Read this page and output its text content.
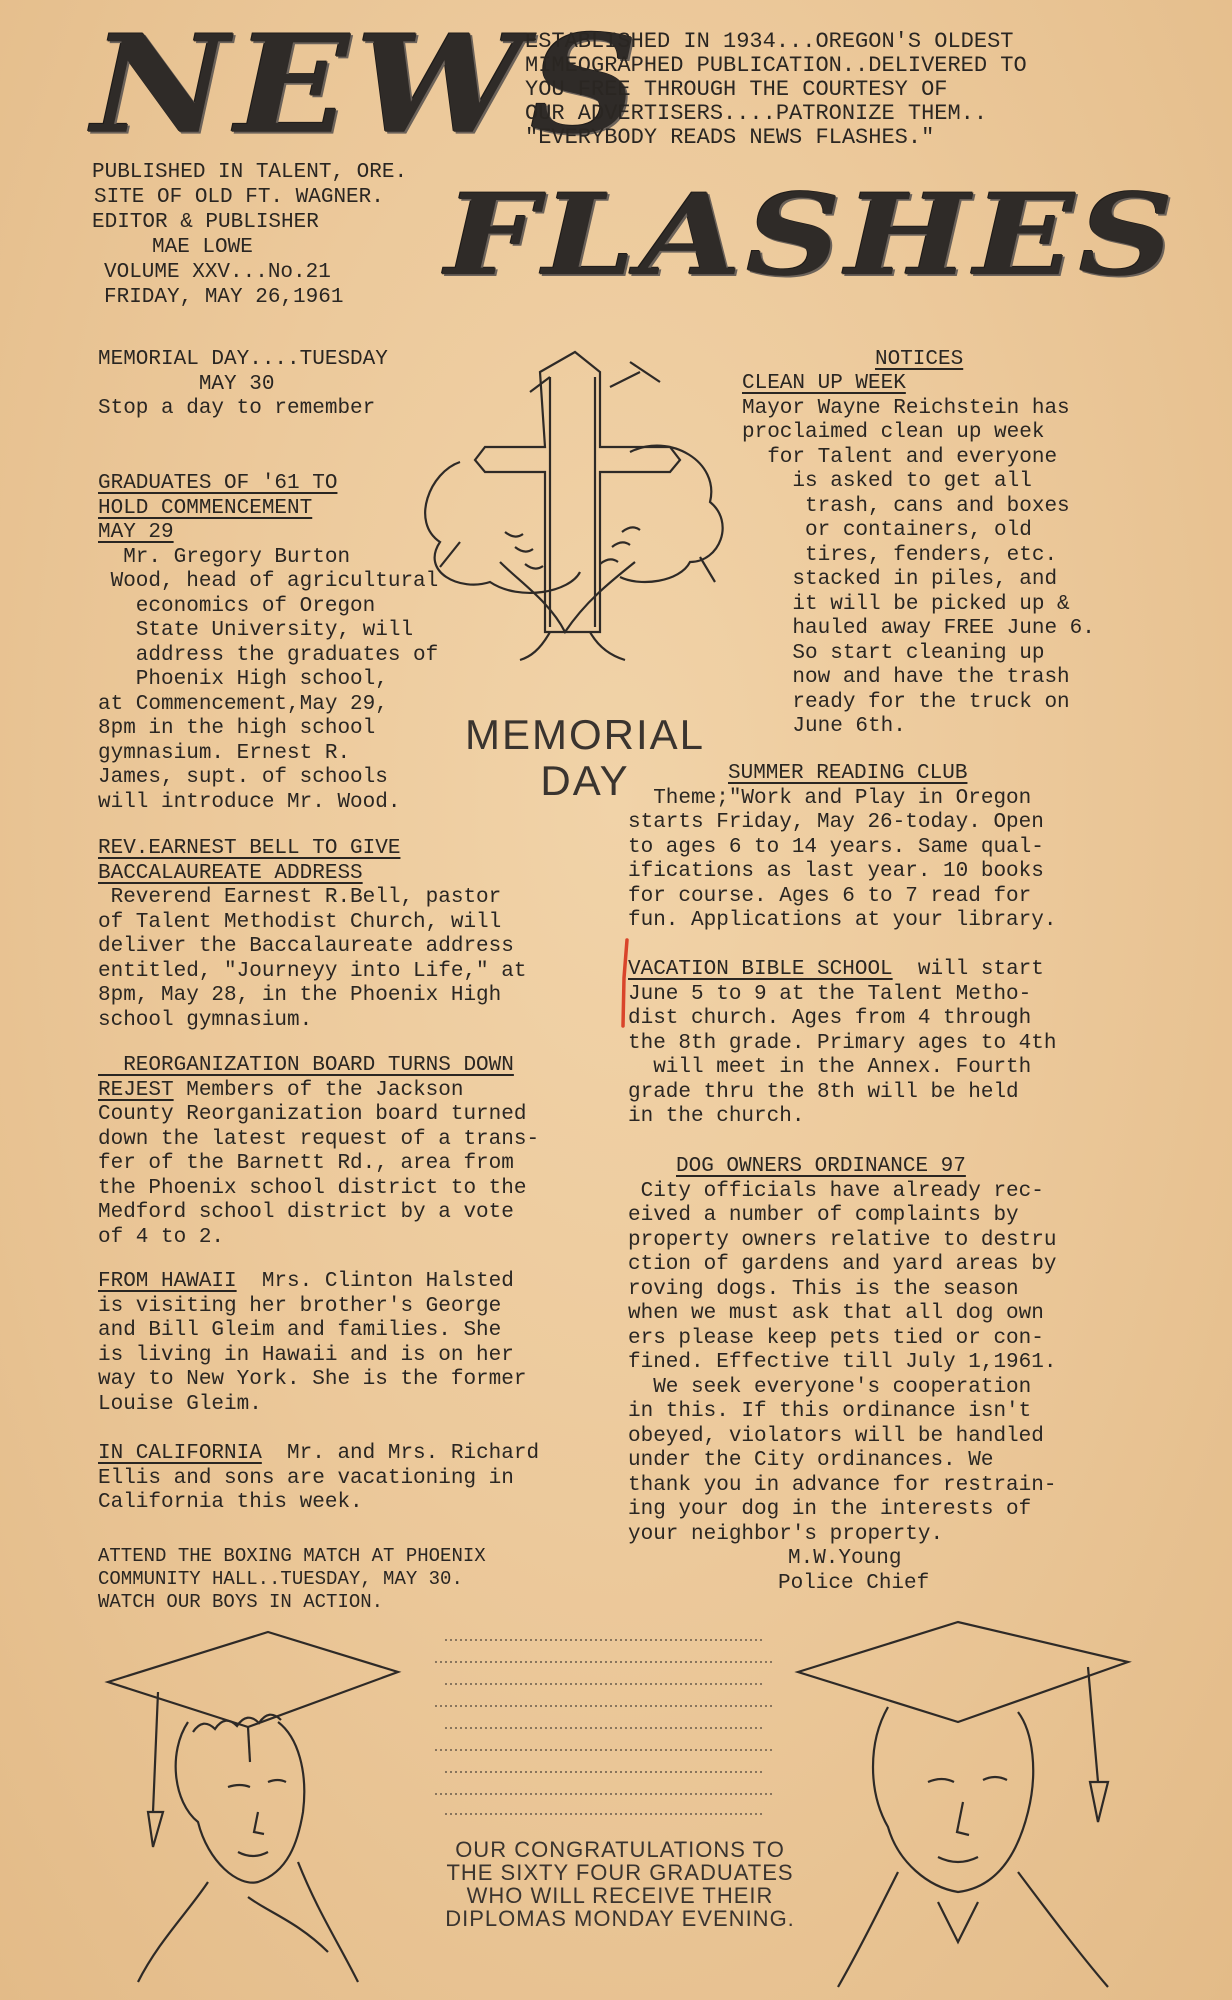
NEWS
FLASHES
ESTABLISHED IN 1934...OREGON'S OLDEST
MIMEOGRAPHED PUBLICATION..DELIVERED TO
YOU FREE THROUGH THE COURTESY OF
OUR ADVERTISERS....PATRONIZE THEM..
"EVERYBODY READS NEWS FLASHES."
PUBLISHED IN TALENT, ORE.
SITE OF OLD FT. WAGNER.
EDITOR & PUBLISHER
MAE LOWE
VOLUME XXV...No.21
FRIDAY, MAY 26,1961
MEMORIAL
DAY
MEMORIAL DAY....TUESDAY
MAY 30
Stop a day to remember
GRADUATES OF '61 TO
HOLD COMMENCEMENT
MAY 29
Mr. Gregory Burton
Wood, head of agricultural
economics of Oregon
State University, will
address the graduates of
Phoenix High school,
at Commencement,May 29,
8pm in the high school
gymnasium. Ernest R.
James, supt. of schools
will introduce Mr. Wood.
REV.EARNEST BELL TO GIVE
BACCALAUREATE ADDRESS
Reverend Earnest R.Bell, pastor
of Talent Methodist Church, will
deliver the Baccalaureate address
entitled, "Journeyy into Life," at
8pm, May 28, in the Phoenix High
school gymnasium.
REORGANIZATION BOARD TURNS DOWN
REJEST Members of the Jackson
County Reorganization board turned
down the latest request of a trans-
fer of the Barnett Rd., area from
the Phoenix school district to the
Medford school district by a vote
of 4 to 2.
FROM HAWAII  Mrs. Clinton Halsted
is visiting her brother's George
and Bill Gleim and families. She
is living in Hawaii and is on her
way to New York. She is the former
Louise Gleim.
IN CALIFORNIA  Mr. and Mrs. Richard
Ellis and sons are vacationing in
California this week.
ATTEND THE BOXING MATCH AT PHOENIX
COMMUNITY HALL..TUESDAY, MAY 30.
WATCH OUR BOYS IN ACTION.
NOTICES
CLEAN UP WEEK
Mayor Wayne Reichstein has
proclaimed clean up week
for Talent and everyone
is asked to get all
trash, cans and boxes
or containers, old
tires, fenders, etc.
stacked in piles, and
it will be picked up &
hauled away FREE June 6.
So start cleaning up
now and have the trash
ready for the truck on
June 6th.
SUMMER READING CLUB
Theme;"Work and Play in Oregon
starts Friday, May 26-today. Open
to ages 6 to 14 years. Same qual-
ifications as last year. 10 books
for course. Ages 6 to 7 read for
fun. Applications at your library.
VACATION BIBLE SCHOOL  will start
June 5 to 9 at the Talent Metho-
dist church. Ages from 4 through
the 8th grade. Primary ages to 4th
will meet in the Annex. Fourth
grade thru the 8th will be held
in the church.
DOG OWNERS ORDINANCE 97
City officials have already rec-
eived a number of complaints by
property owners relative to destru
ction of gardens and yard areas by
roving dogs. This is the season
when we must ask that all dog own
ers please keep pets tied or con-
fined. Effective till July 1,1961.
We seek everyone's cooperation
in this. If this ordinance isn't
obeyed, violators will be handled
under the City ordinances. We
thank you in advance for restrain-
ing your dog in the interests of
your neighbor's property.
M.W.Young
Police Chief
OUR CONGRATULATIONS TO
THE SIXTY FOUR GRADUATES
WHO WILL RECEIVE THEIR
DIPLOMAS MONDAY EVENING.
